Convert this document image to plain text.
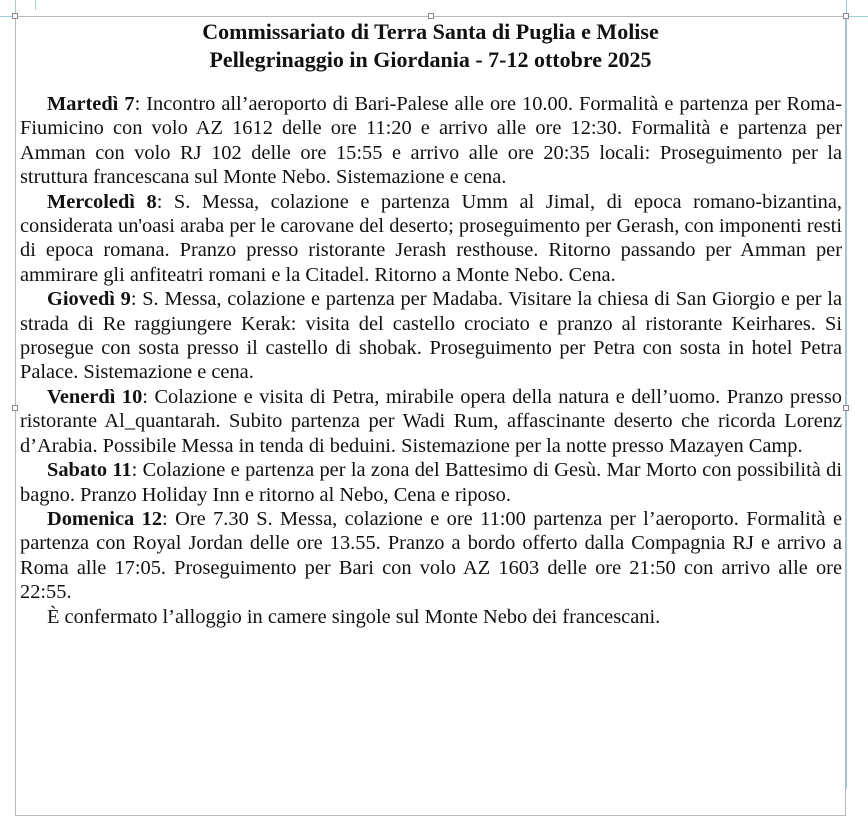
Commissariato di Terra Santa di Puglia e Molise
Pellegrinaggio in Giordania - 7-12 ottobre 2025

Martedì 7: Incontro all’aeroporto di Bari-Palese alle ore 10.00. Formalità e partenza per Roma-Fiumicino con volo AZ 1612 delle ore 11:20 e arrivo alle ore 12:30. Formalità e partenza per Amman con volo RJ 102 delle ore 15:55 e arrivo alle ore 20:35 locali: Proseguimento per la struttura francescana sul Monte Nebo. Sistemazione e cena.

Mercoledì 8: S. Messa, colazione e partenza Umm al Jimal, di epoca romano-bizantina, considerata un'oasi araba per le carovane del deserto; proseguimento per Gerash, con imponenti resti di epoca romana. Pranzo presso ristorante Jerash resthouse. Ritorno passando per Amman per ammirare gli anfiteatri romani e la Citadel. Ritorno a Monte Nebo. Cena.

Giovedì 9: S. Messa, colazione e partenza per Madaba. Visitare la chiesa di San Giorgio e per la strada di Re raggiungere Kerak: visita del castello crociato e pranzo al ristorante Keirhares. Si prosegue con sosta presso il castello di shobak. Proseguimento per Petra con sosta in hotel Petra Palace. Sistemazione e cena.

Venerdì 10: Colazione e visita di Petra, mirabile opera della natura e dell’uomo. Pranzo presso ristorante Al_quantarah. Subito partenza per Wadi Rum, affascinante deserto che ricorda Lorenz d’Arabia. Possibile Messa in tenda di beduini. Sistemazione per la notte presso Mazayen Camp.

Sabato 11: Colazione e partenza per la zona del Battesimo di Gesù. Mar Morto con possibilità di bagno. Pranzo Holiday Inn e ritorno al Nebo, Cena e riposo.

Domenica 12: Ore 7.30 S. Messa, colazione e ore 11:00 partenza per l’aeroporto. Formalità e partenza con Royal Jordan delle ore 13.55. Pranzo a bordo offerto dalla Compagnia RJ e arrivo a Roma alle 17:05. Proseguimento per Bari con volo AZ 1603 delle ore 21:50 con arrivo alle ore 22:55.

È confermato l’alloggio in camere singole sul Monte Nebo dei francescani.
